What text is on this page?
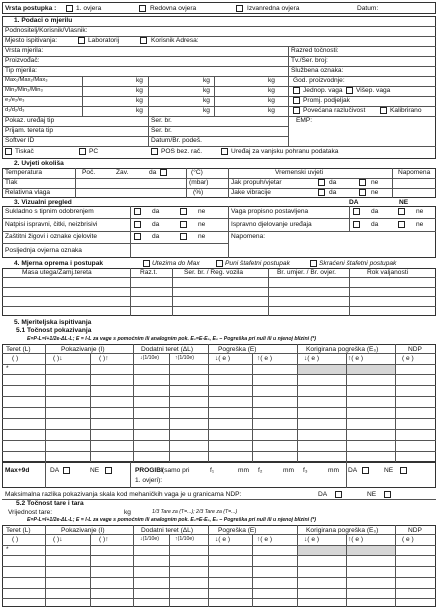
Vrsta postupka :	1. ovjera	Redovna ovjera	Izvanredna ovjera	Datum:
1. Podaci o mjerilu
Podnositelj/Korisnik/Vlasnik:
Mjesto ispitivanja:	Laboratorij	Korisnik Adresa:
Vrsta mjerila:	Razred točnosti:
Proizvođač:	Tv./Ser. broj:
Tip mjerila:	Službena oznaka:
Max₁/Max₂/Max₃	kg	kg	kg	God. proizvodnje:
Min₁/Min₂/Min₃	kg	kg	kg	Jednop. vaga Višep. vaga
e₁/e₂/e₃	kg	kg	kg	Promj. podjeljak
d₁/d₂/d₃	kg	kg	kg	Povećana razlučivost	Kalibrirano
Pokaz. uređaj tip	Ser. br.	EMP:
Prijam. tereta tip	Ser. br.
Softver ID	Datum/Br. podeš.
Tiskač	PC	POS bez. rač.	Uređaj za vanjsku pohranu podataka
2. Uvjeti okoliša
Temperatura	Poč.	Zav.	da	(°C)	Vremenski uvjeti	Napomena
Tlak	(mbar)	Jak propuh/vjetar	da	ne
Relativna vlaga	(%)	Jake vibracije	da	ne
3. Vizualni pregled	DA	NE
Sukladno s tipnim odobrenjem	da	ne	Vaga propisno postavljena	da	ne
Natpisi ispravni, čitki, neizbrisivi	da	ne	Ispravno djelovanje uređaja	da	ne
Zaštitni žigovi i oznake cjelovite	da	ne	Napomena:
Posljednja ovjerna oznaka
4. Mjerna oprema i postupak	Utezima do Max	Puni štafetni postupak	Skraćeni štafetni postupak
Masa utega/Zamj.tereta	Raz.t.	Ser. br. / Reg. vozila	Br. umjer. / Br. ovjer.	Rok valjanosti
5. Mjeriteljska ispitivanja
5.1 Točnost pokazivanja
E=P-L=I+1/2e-ΔL-L; E = I-L za vage s pomoćnim ili analognim pok. E₀=E-E₀, E₀ – Pogreška pri nuli ili u njenoj blizini (*)
Teret (L)	Pokazivanje (I)	Dodatni teret (ΔL)	Pogreška (E)	Korigirana pogreška (E₀)	NDP
( )	( )↓	( )↑	↓(1/10e)	↑(1/10e)	↓( e )	↑( e )	↓( e )	↑( e )	( e )
*
Max+9d	DA	NE	PROGIBI (samo pri
1. ovjeri):
f₁	mm f₂	mm f₃	mm DA	NE
Maksimalna razlika pokazivanja skala kod mehaničkih vaga je u granicama NDP:	DA	NE
5.2 Točnost tare i tara
Vrijednost tare:	kg	1/3 Tare za (T=...); 2/3 Tare za (T=...)
E=P-L=I+1/2e-ΔL-L; E = I-L za vage s pomoćnim ili analognim pok. E₀=E-E₀, E₀ – Pogreška pri nuli ili u njenoj blizini (*)
Teret (L)	Pokazivanje (I)	Dodatni teret (ΔL)	Pogreška (E)	Korigirana pogreška (E₀)	NDP
( )	( )↓	( )↑	↓(1/10e)	↑(1/10e)	↓( e )	↑( e )	↓( e )	↑( e )	( e )
*
